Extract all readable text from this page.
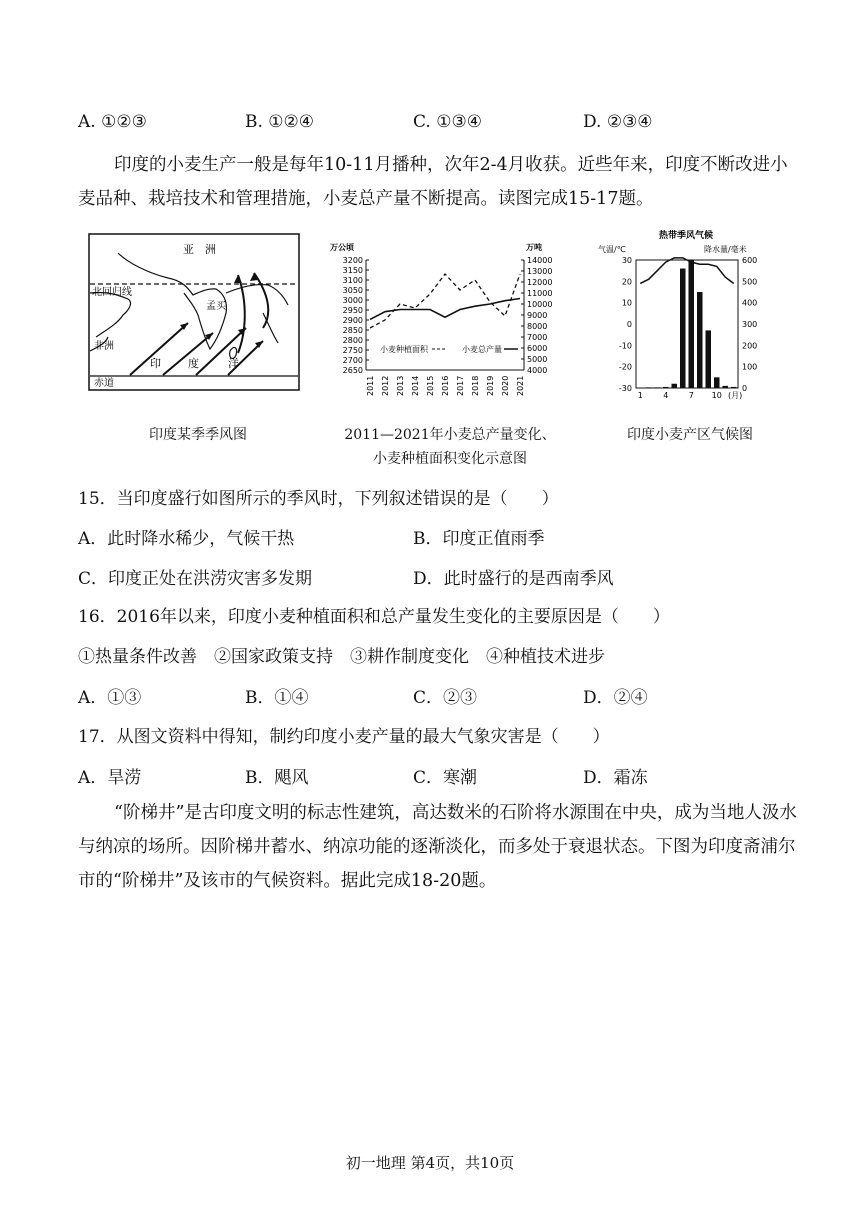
A. ①②③	B. ①②④	C. ①③④	D. ②③④
印度的小麦生产一般是每年10-11月播种，次年2-4月收获。近些年来，印度不断改进小麦品种、栽培技术和管理措施，小麦总产量不断提高。读图完成15-17题。
亚　洲
北回归线
孟买
非洲
印 度	洋
赤道
印度某季季风图
万公顷	万吨
3200
3150
3100
3050
3000
2950
2900
2850
2800
2750
2700
2650
14000
13000
12000
11000
10000
9000
8000
7000
6000
5000
4000
2011 2012 2013 2014 2015 2016 2017 2018 2019 2020 2021
小麦种植面积	小麦总产量
2011—2021年小麦总产量变化、
小麦种植面积变化示意图
热带季风气候
气温/℃	降水量/毫米
30
20
10
0
-10
-20
-30
600
500
400
300
200
100
0
1	4	7 10 (月)
印度小麦产区气候图
15．当印度盛行如图所示的季风时，下列叙述错误的是（　　）
A．此时降水稀少，气候干热	B．印度正值雨季
C．印度正处在洪涝灾害多发期	D．此时盛行的是西南季风
16．2016年以来，印度小麦种植面积和总产量发生变化的主要原因是（　　）
①热量条件改善　②国家政策支持　③耕作制度变化　④种植技术进步
A．①③	B．①④	C．②③	D．②④
17．从图文资料中得知，制约印度小麦产量的最大气象灾害是（　　）
A．旱涝	B．飓风	C．寒潮	D．霜冻
“阶梯井”是古印度文明的标志性建筑，高达数米的石阶将水源围在中央，成为当地人汲水与纳凉的场所。因阶梯井蓄水、纳凉功能的逐渐淡化，而多处于衰退状态。下图为印度斋浦尔市的“阶梯井”及该市的气候资料。据此完成18-20题。
初一地理 第4页，共10页
